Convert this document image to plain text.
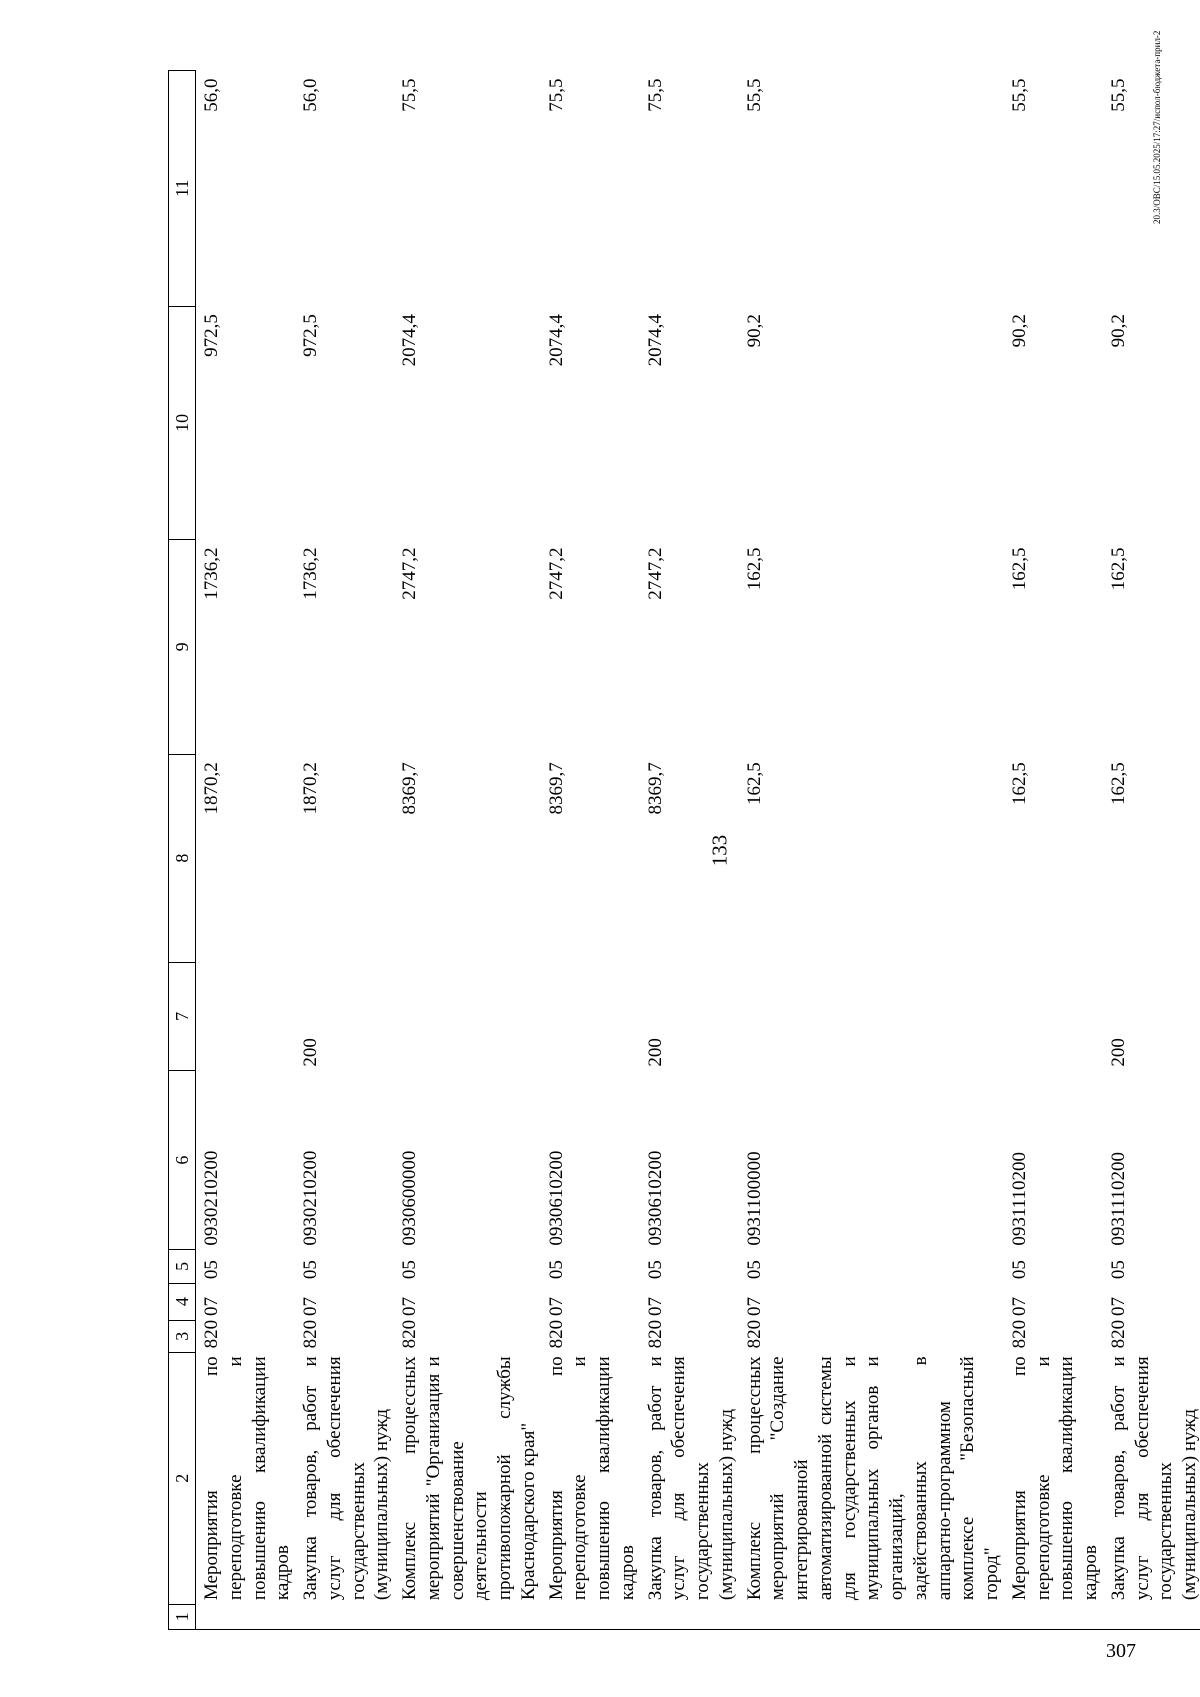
133
20.3/OBC/15.05.2025/17:27/испол-бюджета-прил-2
1	2	3	4	5	6	7	8	9	10	11
	Мероприятия по переподготовке и повышению квалификации кадров	820	07	05	0930210200		1870,2	1736,2	972,5	56,0
	Закупка товаров, работ и услуг для обеспечения государственных (муниципальных) нужд	820	07	05	0930210200	200	1870,2	1736,2	972,5	56,0
	Комплекс процессных мероприятий "Организация и совершенствование деятельности противопожарной службы Краснодарского края"	820	07	05	0930600000		8369,7	2747,2	2074,4	75,5
	Мероприятия по переподготовке и повышению квалификации кадров	820	07	05	0930610200		8369,7	2747,2	2074,4	75,5
	Закупка товаров, работ и услуг для обеспечения государственных (муниципальных) нужд	820	07	05	0930610200	200	8369,7	2747,2	2074,4	75,5
	Комплекс процессных мероприятий "Создание интегрированной автоматизированной системы для государственных и муниципальных органов и организаций, задействованных в аппаратно-программном комплексе "Безопасный город"	820	07	05	0931100000		162,5	162,5	90,2	55,5
	Мероприятия по переподготовке и повышению квалификации кадров	820	07	05	0931110200		162,5	162,5	90,2	55,5
	Закупка товаров, работ и услуг для обеспечения государственных (муниципальных) нужд	820	07	05	0931110200	200	162,5	162,5	90,2	55,5
307
